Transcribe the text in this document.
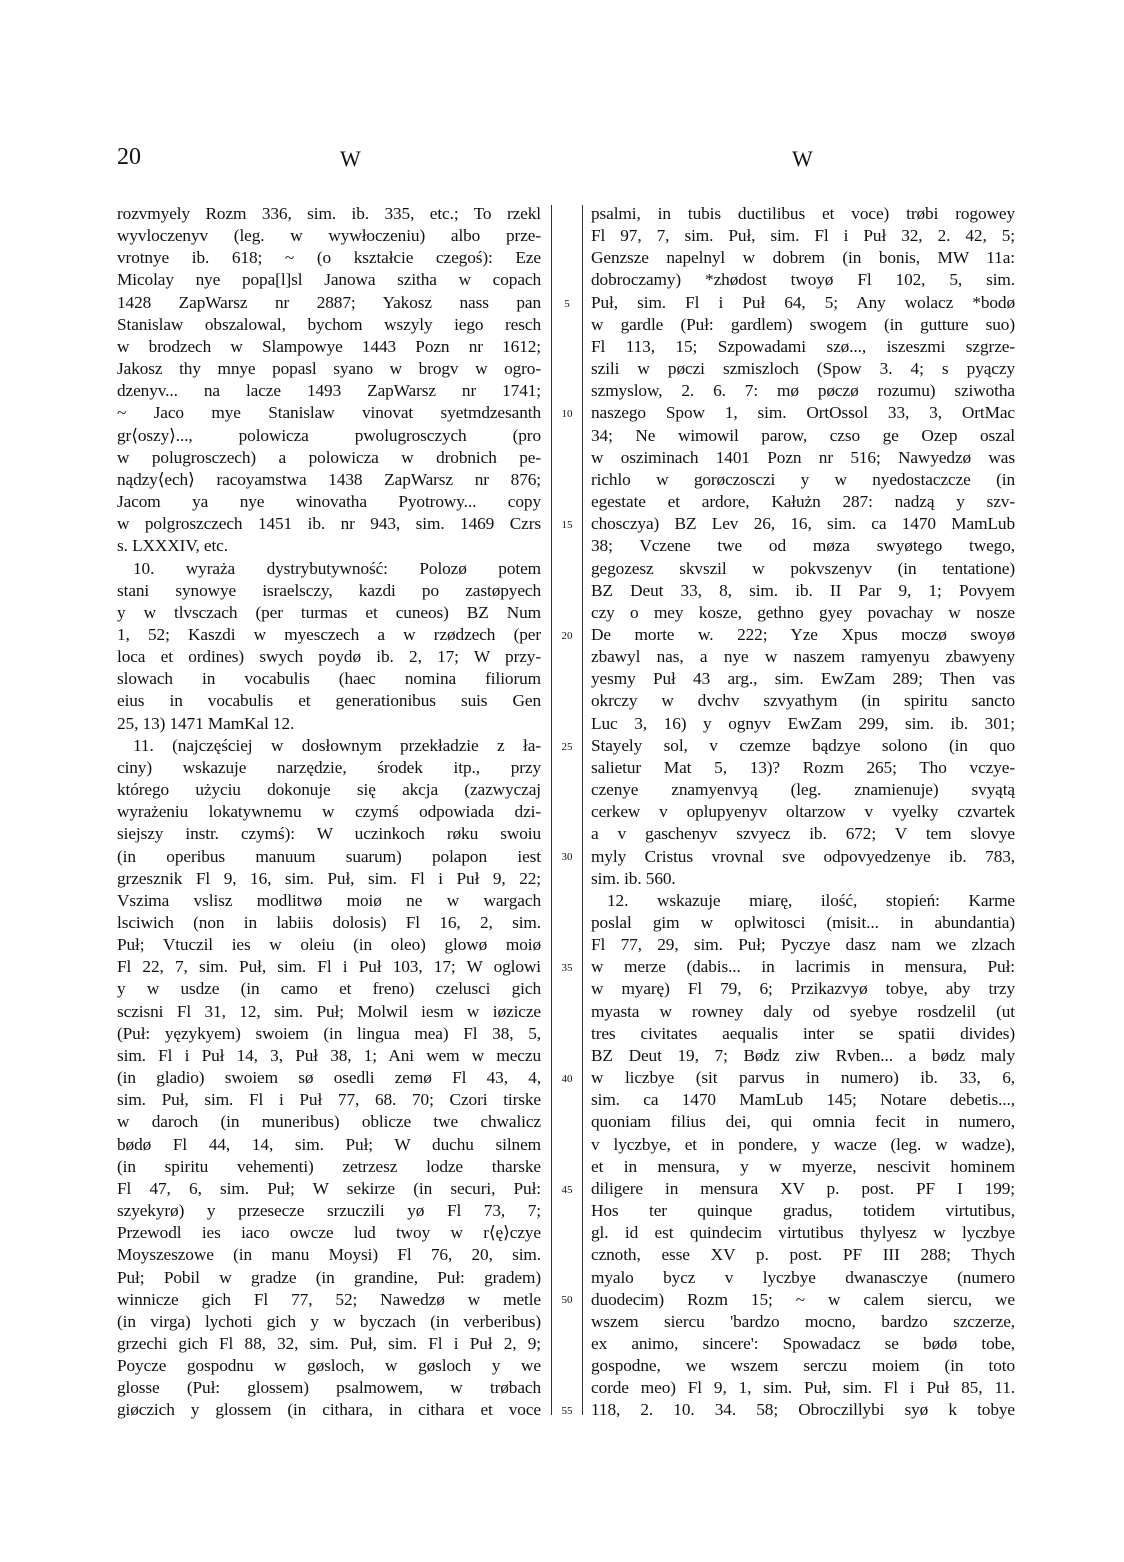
20	W	W
rozvmyely Rozm 336, sim. ib. 335, etc.; To rzekl
wyvloczenyv (leg. w wywłoczeniu) albo prze-
vrotnye ib. 618; ~ (o kształcie czegoś): Eze
Micolay nye popa[l]sl Janowa szitha w copach
1428 ZapWarsz nr 2887; Yakosz nass pan
Stanislaw obszalowal, bychom wszyly iego resch
w brodzech w Slampowye 1443 Pozn nr 1612;
Jakosz thy mnye popasl syano w brogv w ogro-
dzenyv... na lacze 1493 ZapWarsz nr 1741;
~ Jaco mye Stanislaw vinovat syetmdzesanth
gr⟨oszy⟩..., polowicza pwolugrosczych (pro
w polugrosczech) a polowicza w drobnich pe-
nądzy⟨ech⟩ racoyamstwa 1438 ZapWarsz nr 876;
Jacom ya nye winovatha Pyotrowy... copy
w polgroszczech 1451 ib. nr 943, sim. 1469 Czrs
s. LXXXIV, etc.
10. wyraża dystrybutywność: Polozø potem
stani synowye israelsczy, kazdi po zastøpyech
y w tlvsczach (per turmas et cuneos) BZ Num
1, 52; Kaszdi w myesczech a w rzødzech (per
loca et ordines) swych poydø ib. 2, 17; W przy-
slowach in vocabulis (haec nomina filiorum
eius in vocabulis et generationibus suis Gen
25, 13) 1471 MamKal 12.
11. (najczęściej w dosłownym przekładzie z ła-
ciny) wskazuje narzędzie, środek itp., przy
którego użyciu dokonuje się akcja (zazwyczaj
wyrażeniu lokatywnemu w czymś odpowiada dzi-
siejszy instr. czymś): W uczinkoch røku swoiu
(in operibus manuum suarum) polapon iest
grzesznik Fl 9, 16, sim. Puł, sim. Fl i Puł 9, 22;
Vszima vslisz modlitwø moiø ne w wargach
lsciwich (non in labiis dolosis) Fl 16, 2, sim.
Puł; Vtuczil ies w oleiu (in oleo) glowø moiø
Fl 22, 7, sim. Puł, sim. Fl i Puł 103, 17; W oglowi
y w usdze (in camo et freno) czelusci gich
sczisni Fl 31, 12, sim. Puł; Molwil iesm w iøzicze
(Puł: yęzykyem) swoiem (in lingua mea) Fl 38, 5,
sim. Fl i Puł 14, 3, Puł 38, 1; Ani wem w meczu
(in gladio) swoiem sø osedli zemø Fl 43, 4,
sim. Puł, sim. Fl i Puł 77, 68. 70; Czori tirske
w daroch (in muneribus) oblicze twe chwalicz
bødø Fl 44, 14, sim. Puł; W duchu silnem
(in spiritu vehementi) zetrzesz lodze tharske
Fl 47, 6, sim. Puł; W sekirze (in securi, Puł:
szyekyrø) y przesecze srzuczili yø Fl 73, 7;
Przewodl ies iaco owcze lud twoy w r⟨ę⟩czye
Moyszeszowe (in manu Moysi) Fl 76, 20, sim.
Puł; Pobil w gradze (in grandine, Puł: gradem)
winnicze gich Fl 77, 52; Nawedzø w metle
(in virga) lychoti gich y w byczach (in verberibus)
grzechi gich Fl 88, 32, sim. Puł, sim. Fl i Puł 2, 9;
Poycze gospodnu w gøsloch, w gøsloch y we
glosse (Puł: glossem) psalmowem, w trøbach
giøczich y glossem (in cithara, in cithara et voce
5
10
15
20
25
30
35
40
45
50
55
psalmi, in tubis ductilibus et voce) trøbi rogowey
Fl 97, 7, sim. Puł, sim. Fl i Puł 32, 2. 42, 5;
Genzsze napelnyl w dobrem (in bonis, MW 11a:
dobroczamy) *zhødost twoyø Fl 102, 5, sim.
Puł, sim. Fl i Puł 64, 5; Any wolacz *bodø
w gardle (Puł: gardlem) swogem (in gutture suo)
Fl 113, 15; Szpowadami szø..., iszeszmi szgrze-
szili w pøczi szmiszloch (Spow 3. 4; s pyączy
szmyslow, 2. 6. 7: mø pøczø rozumu) sziwotha
naszego Spow 1, sim. OrtOssol 33, 3, OrtMac
34; Ne wimowil parow, czso ge Ozep oszal
w osziminach 1401 Pozn nr 516; Nawyedzø was
richlo w gorøczosczi y w nyedostaczcze (in
egestate et ardore, Kałużn 287: nadzą y szv-
chosczya) BZ Lev 26, 16, sim. ca 1470 MamLub
38; Vczene twe od møza swyøtego twego,
gegozesz skvszil w pokvszenyv (in tentatione)
BZ Deut 33, 8, sim. ib. II Par 9, 1; Povyem
czy o mey kosze, gethno gyey povachay w nosze
De morte w. 222; Yze Xpus moczø swoyø
zbawyl nas, a nye w naszem ramyenyu zbawyeny
yesmy Puł 43 arg., sim. EwZam 289; Then vas
okrczy w dvchv szvyathym (in spiritu sancto
Luc 3, 16) y ognyv EwZam 299, sim. ib. 301;
Stayely sol, v czemze bądzye solono (in quo
salietur Mat 5, 13)? Rozm 265; Tho vczye-
czenye znamyenvyą (leg. znamienuje) svyątą
cerkew v oplupyenyv oltarzow v vyelky czvartek
a v gaschenyv szvyecz ib. 672; V tem slovye
myly Cristus vrovnal sve odpovyedzenye ib. 783,
sim. ib. 560.
12. wskazuje miarę, ilość, stopień: Karme
poslal gim w oplwitosci (misit... in abundantia)
Fl 77, 29, sim. Puł; Pyczye dasz nam we zlzach
w merze (dabis... in lacrimis in mensura, Puł:
w myarę) Fl 79, 6; Przikazvyø tobye, aby trzy
myasta w rowney daly od syebye rosdzelil (ut
tres civitates aequalis inter se spatii divides)
BZ Deut 19, 7; Bødz ziw Rvben... a bødz maly
w liczbye (sit parvus in numero) ib. 33, 6,
sim. ca 1470 MamLub 145; Notare debetis...,
quoniam filius dei, qui omnia fecit in numero,
v lyczbye, et in pondere, y wacze (leg. w wadze),
et in mensura, y w myerze, nescivit hominem
diligere in mensura XV p. post. PF I 199;
Hos ter quinque gradus, totidem virtutibus,
gl. id est quindecim virtutibus thylyesz w lyczbye
cznoth, esse XV p. post. PF III 288; Thych
myalo bycz v lyczbye dwanasczye (numero
duodecim) Rozm 15; ~ w calem siercu, we
wszem siercu 'bardzo mocno, bardzo szczerze,
ex animo, sincere': Spowadacz se bødø tobe,
gospodne, we wszem serczu moiem (in toto
corde meo) Fl 9, 1, sim. Puł, sim. Fl i Puł 85, 11.
118, 2. 10. 34. 58; Obroczillybi syø k tobye
